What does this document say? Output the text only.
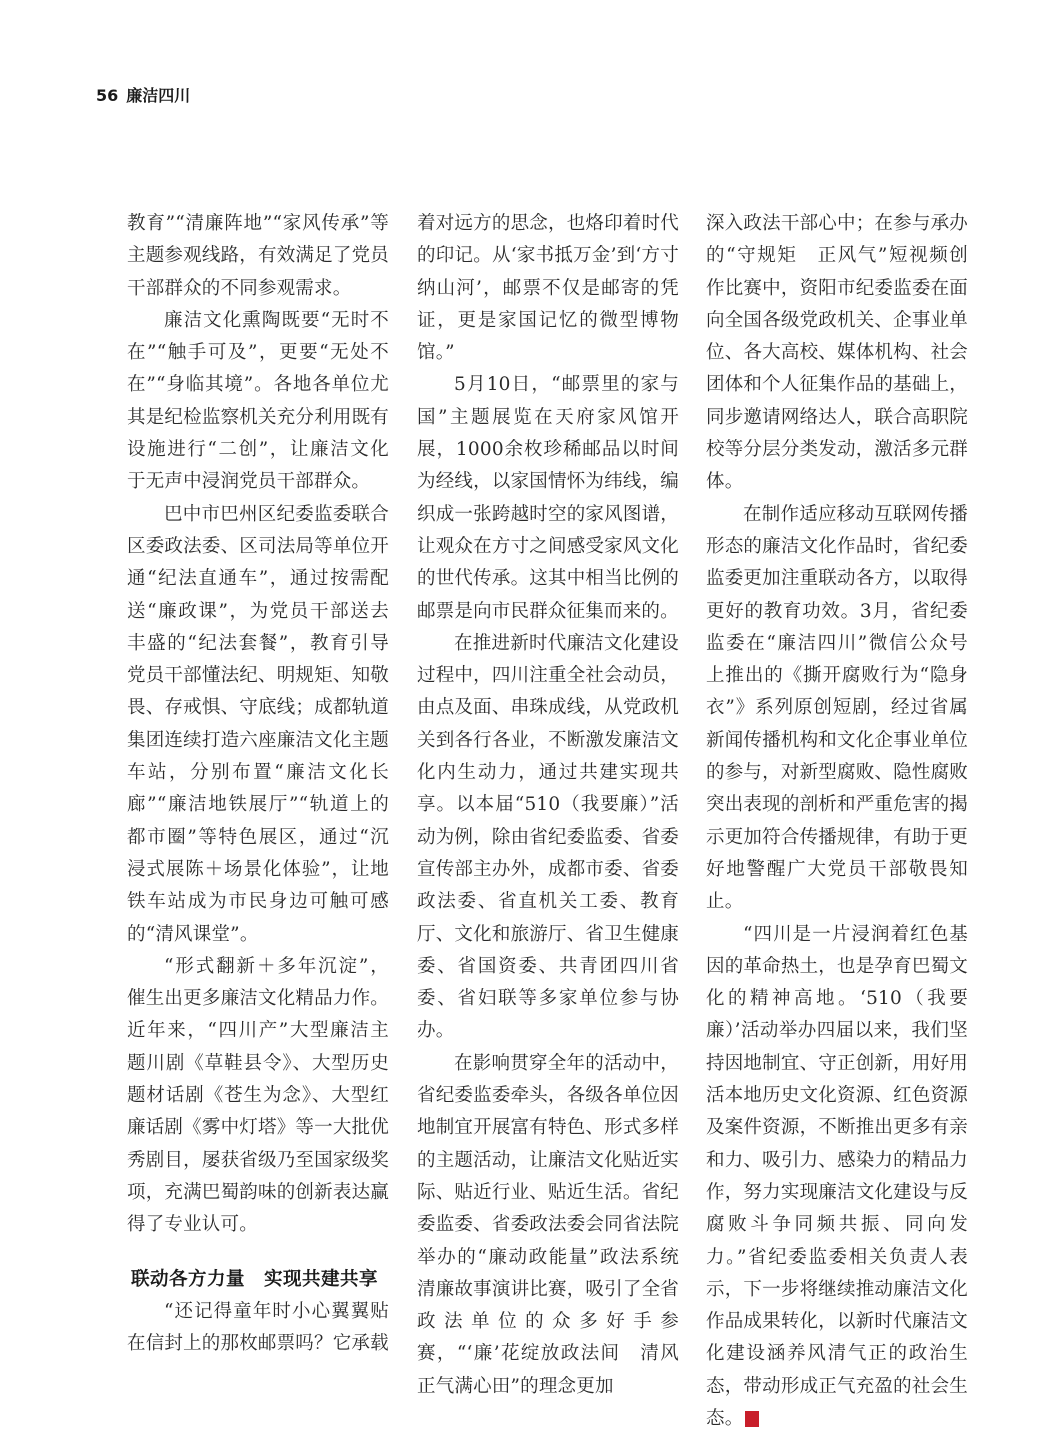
56 廉洁四川

教育”“清廉阵地”“家风传承”等主题参观线路，有效满足了党员干部群众的不同参观需求。

廉洁文化熏陶既要“无时不在”“触手可及”，更要“无处不在”“身临其境”。各地各单位尤其是纪检监察机关充分利用既有设施进行“二创”，让廉洁文化于无声中浸润党员干部群众。

巴中市巴州区纪委监委联合区委政法委、区司法局等单位开通“纪法直通车”，通过按需配送“廉政课”，为党员干部送去丰盛的“纪法套餐”，教育引导党员干部懂法纪、明规矩、知敬畏、存戒惧、守底线；成都轨道集团连续打造六座廉洁文化主题车站，分别布置“廉洁文化长廊”“廉洁地铁展厅”“轨道上的都市圈”等特色展区，通过“沉浸式展陈＋场景化体验”，让地铁车站成为市民身边可触可感的“清风课堂”。

“形式翻新＋多年沉淀”，催生出更多廉洁文化精品力作。近年来，“四川产”大型廉洁主题川剧《草鞋县令》、大型历史题材话剧《苍生为念》、大型红廉话剧《雾中灯塔》等一大批优秀剧目，屡获省级乃至国家级奖项，充满巴蜀韵味的创新表达赢得了专业认可。

联动各方力量　实现共建共享

“还记得童年时小心翼翼贴在信封上的那枚邮票吗？它承载

着对远方的思念，也烙印着时代的印记。从‘家书抵万金’到‘方寸纳山河’，邮票不仅是邮寄的凭证，更是家国记忆的微型博物馆。”

5月10日，“邮票里的家与国”主题展览在天府家风馆开展，1000余枚珍稀邮品以时间为经线，以家国情怀为纬线，编织成一张跨越时空的家风图谱，让观众在方寸之间感受家风文化的世代传承。这其中相当比例的邮票是向市民群众征集而来的。

在推进新时代廉洁文化建设过程中，四川注重全社会动员，由点及面、串珠成线，从党政机关到各行各业，不断激发廉洁文化内生动力，通过共建实现共享。以本届“510（我要廉）”活动为例，除由省纪委监委、省委宣传部主办外，成都市委、省委政法委、省直机关工委、教育厅、文化和旅游厅、省卫生健康委、省国资委、共青团四川省委、省妇联等多家单位参与协办。

在影响贯穿全年的活动中，省纪委监委牵头，各级各单位因地制宜开展富有特色、形式多样的主题活动，让廉洁文化贴近实际、贴近行业、贴近生活。省纪委监委、省委政法委会同省法院举办的“廉动政能量”政法系统清廉故事演讲比赛，吸引了全省政法单位的众多好手参赛，“‘廉’花绽放政法间　清风正气满心田”的理念更加

深入政法干部心中；在参与承办的“守规矩　正风气”短视频创作比赛中，资阳市纪委监委在面向全国各级党政机关、企事业单位、各大高校、媒体机构、社会团体和个人征集作品的基础上，同步邀请网络达人，联合高职院校等分层分类发动，激活多元群体。

在制作适应移动互联网传播形态的廉洁文化作品时，省纪委监委更加注重联动各方，以取得更好的教育功效。3月，省纪委监委在“廉洁四川”微信公众号上推出的《撕开腐败行为“隐身衣”》系列原创短剧，经过省属新闻传播机构和文化企事业单位的参与，对新型腐败、隐性腐败突出表现的剖析和严重危害的揭示更加符合传播规律，有助于更好地警醒广大党员干部敬畏知止。

“四川是一片浸润着红色基因的革命热土，也是孕育巴蜀文化的精神高地。‘510（我要廉）’活动举办四届以来，我们坚持因地制宜、守正创新，用好用活本地历史文化资源、红色资源及案件资源，不断推出更多有亲和力、吸引力、感染力的精品力作，努力实现廉洁文化建设与反腐败斗争同频共振、同向发力。”省纪委监委相关负责人表示，下一步将继续推动廉洁文化作品成果转化，以新时代廉洁文化建设涵养风清气正的政治生态，带动形成正气充盈的社会生态。	D
